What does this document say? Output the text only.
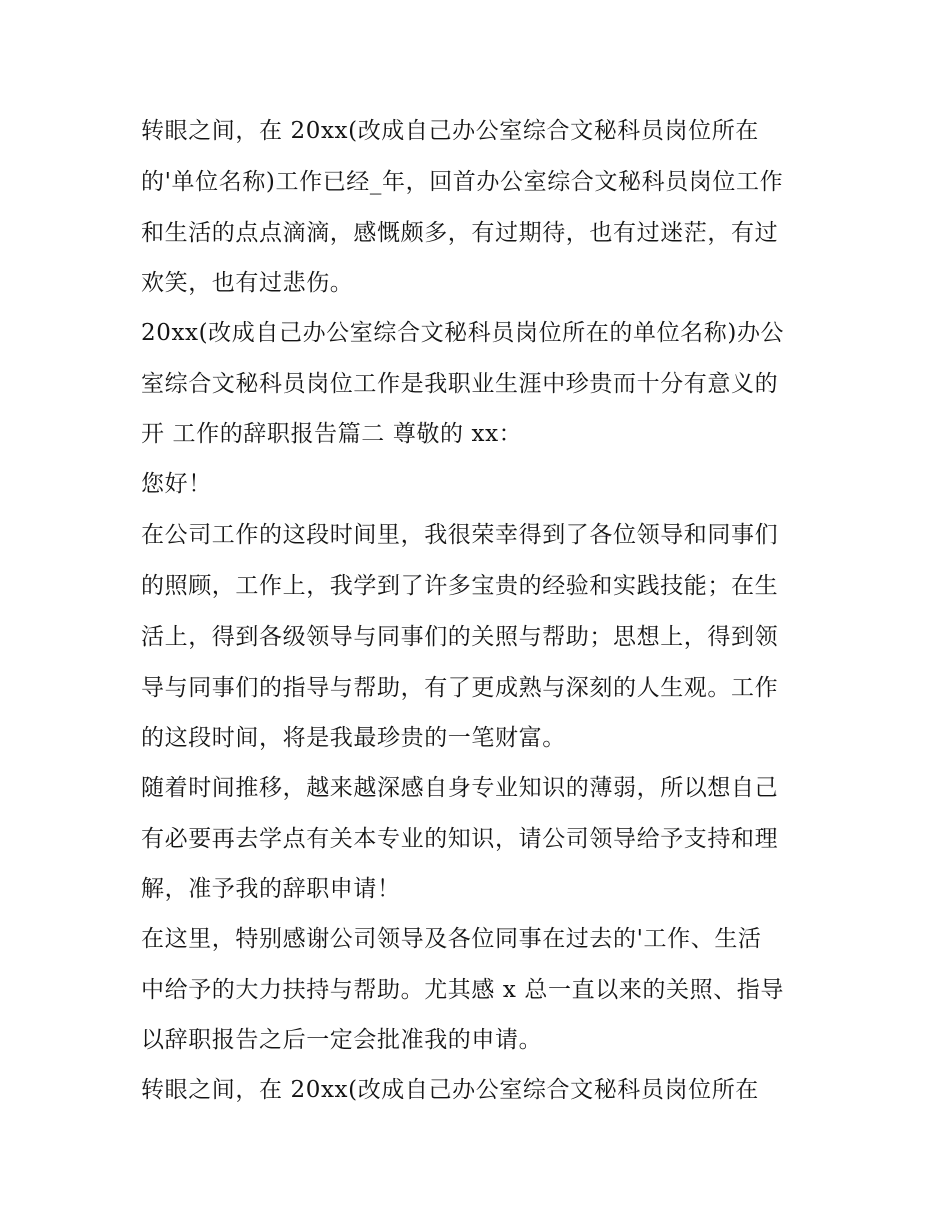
转眼之间，在 20xx(改成自己办公室综合文秘科员岗位所在
的'单位名称)工作已经_年，回首办公室综合文秘科员岗位工作
和生活的点点滴滴，感慨颇多，有过期待，也有过迷茫，有过
欢笑，也有过悲伤。
20xx(改成自己办公室综合文秘科员岗位所在的单位名称)办公
室综合文秘科员岗位工作是我职业生涯中珍贵而十分有意义的
开 工作的辞职报告篇二 尊敬的 xx：
您好！
在公司工作的这段时间里，我很荣幸得到了各位领导和同事们
的照顾，工作上，我学到了许多宝贵的经验和实践技能；在生
活上，得到各级领导与同事们的关照与帮助；思想上，得到领
导与同事们的指导与帮助，有了更成熟与深刻的人生观。工作
的这段时间，将是我最珍贵的一笔财富。
随着时间推移，越来越深感自身专业知识的薄弱，所以想自己
有必要再去学点有关本专业的知识，请公司领导给予支持和理
解，准予我的辞职申请！
在这里，特别感谢公司领导及各位同事在过去的'工作、生活
中给予的大力扶持与帮助。尤其感 x 总一直以来的关照、指导
以辞职报告之后一定会批准我的申请。
转眼之间，在 20xx(改成自己办公室综合文秘科员岗位所在
